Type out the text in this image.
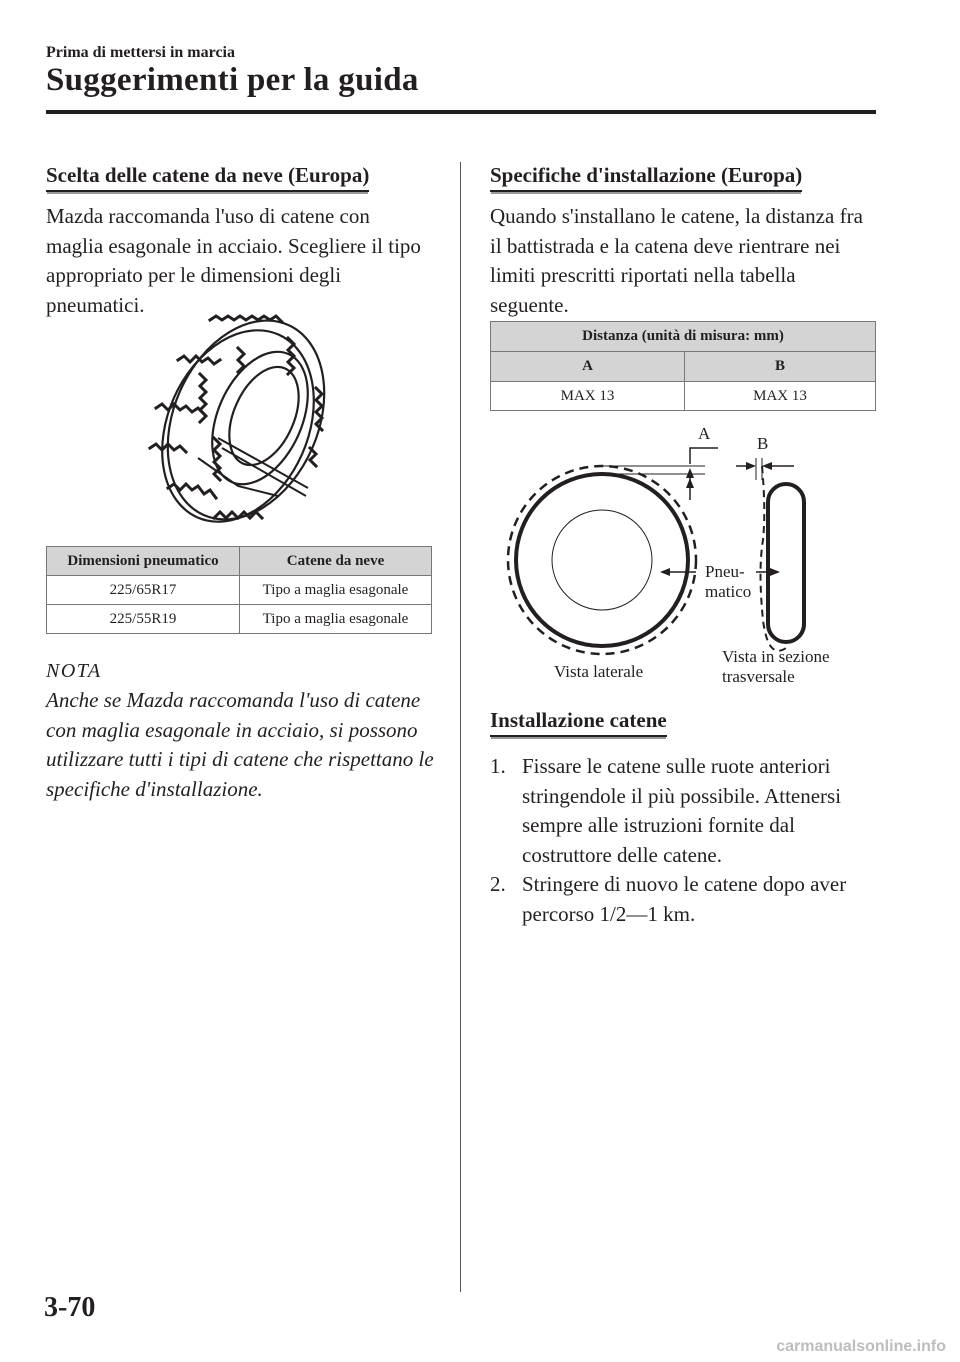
Prima di mettersi in marcia
Suggerimenti per la guida
Scelta delle catene da neve (Europa)
Mazda raccomanda l'uso di catene con maglia esagonale in acciaio. Scegliere il tipo appropriato per le dimensioni degli pneumatici.
Dimensioni pneumatico	Catene da neve
225/65R17	Tipo a maglia esagonale
225/55R19	Tipo a maglia esagonale
NOTA
Anche se Mazda raccomanda l'uso di catene con maglia esagonale in acciaio, si possono utilizzare tutti i tipi di catene che rispettano le specifiche d'installazione.
Specifiche d'installazione (Europa)
Quando s'installano le catene, la distanza fra il battistrada e la catena deve rientrare nei limiti prescritti riportati nella tabella seguente.
Distanza (unità di misura: mm)	
A	B
MAX 13	MAX 13
A
B
Pneu-
matico
Vista laterale
Vista in sezione
trasversale
Installazione catene
1. Fissare le catene sulle ruote anteriori stringendole il più possibile. Attenersi sempre alle istruzioni fornite dal costruttore delle catene.
2. Stringere di nuovo le catene dopo aver percorso 1/2―1 km.
3-70
carmanualsonline.info
